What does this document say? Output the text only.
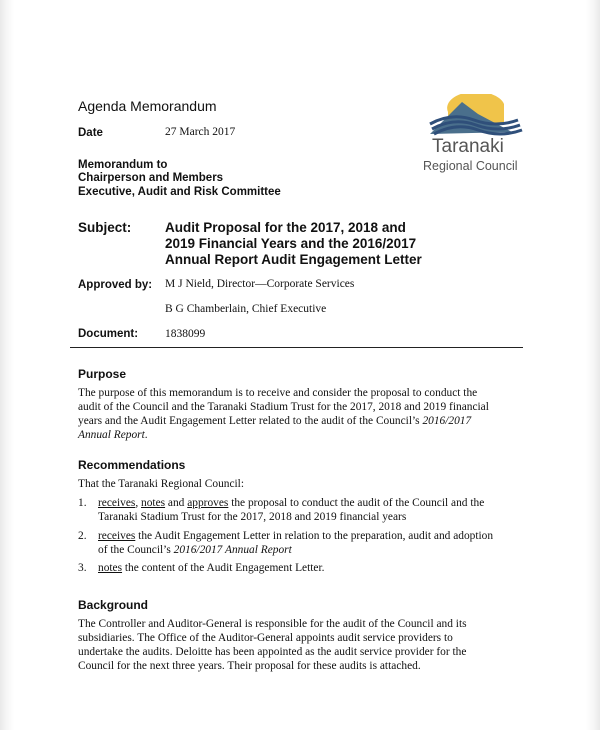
Agenda Memorandum
Date	27 March 2017
Memorandum to
Chairperson and Members
Executive, Audit and Risk Committee
Taranaki
Regional Council
Subject: Audit Proposal for the 2017, 2018 and
2019 Financial Years and the 2016/2017
Annual Report Audit Engagement Letter
Approved by: M J Nield, Director—Corporate Services
B G Chamberlain, Chief Executive
Document: 1838099
Purpose
The purpose of this memorandum is to receive and consider the proposal to conduct the
audit of the Council and the Taranaki Stadium Trust for the 2017, 2018 and 2019 financial
years and the Audit Engagement Letter related to the audit of the Council’s 2016/2017
Annual Report.
Recommendations
That the Taranaki Regional Council:
1. receives, notes and approves the proposal to conduct the audit of the Council and the
Taranaki Stadium Trust for the 2017, 2018 and 2019 financial years
2. receives the Audit Engagement Letter in relation to the preparation, audit and adoption
of the Council’s 2016/2017 Annual Report
3. notes the content of the Audit Engagement Letter.
Background
The Controller and Auditor-General is responsible for the audit of the Council and its
subsidiaries. The Office of the Auditor-General appoints audit service providers to
undertake the audits. Deloitte has been appointed as the audit service provider for the
Council for the next three years. Their proposal for these audits is attached.
